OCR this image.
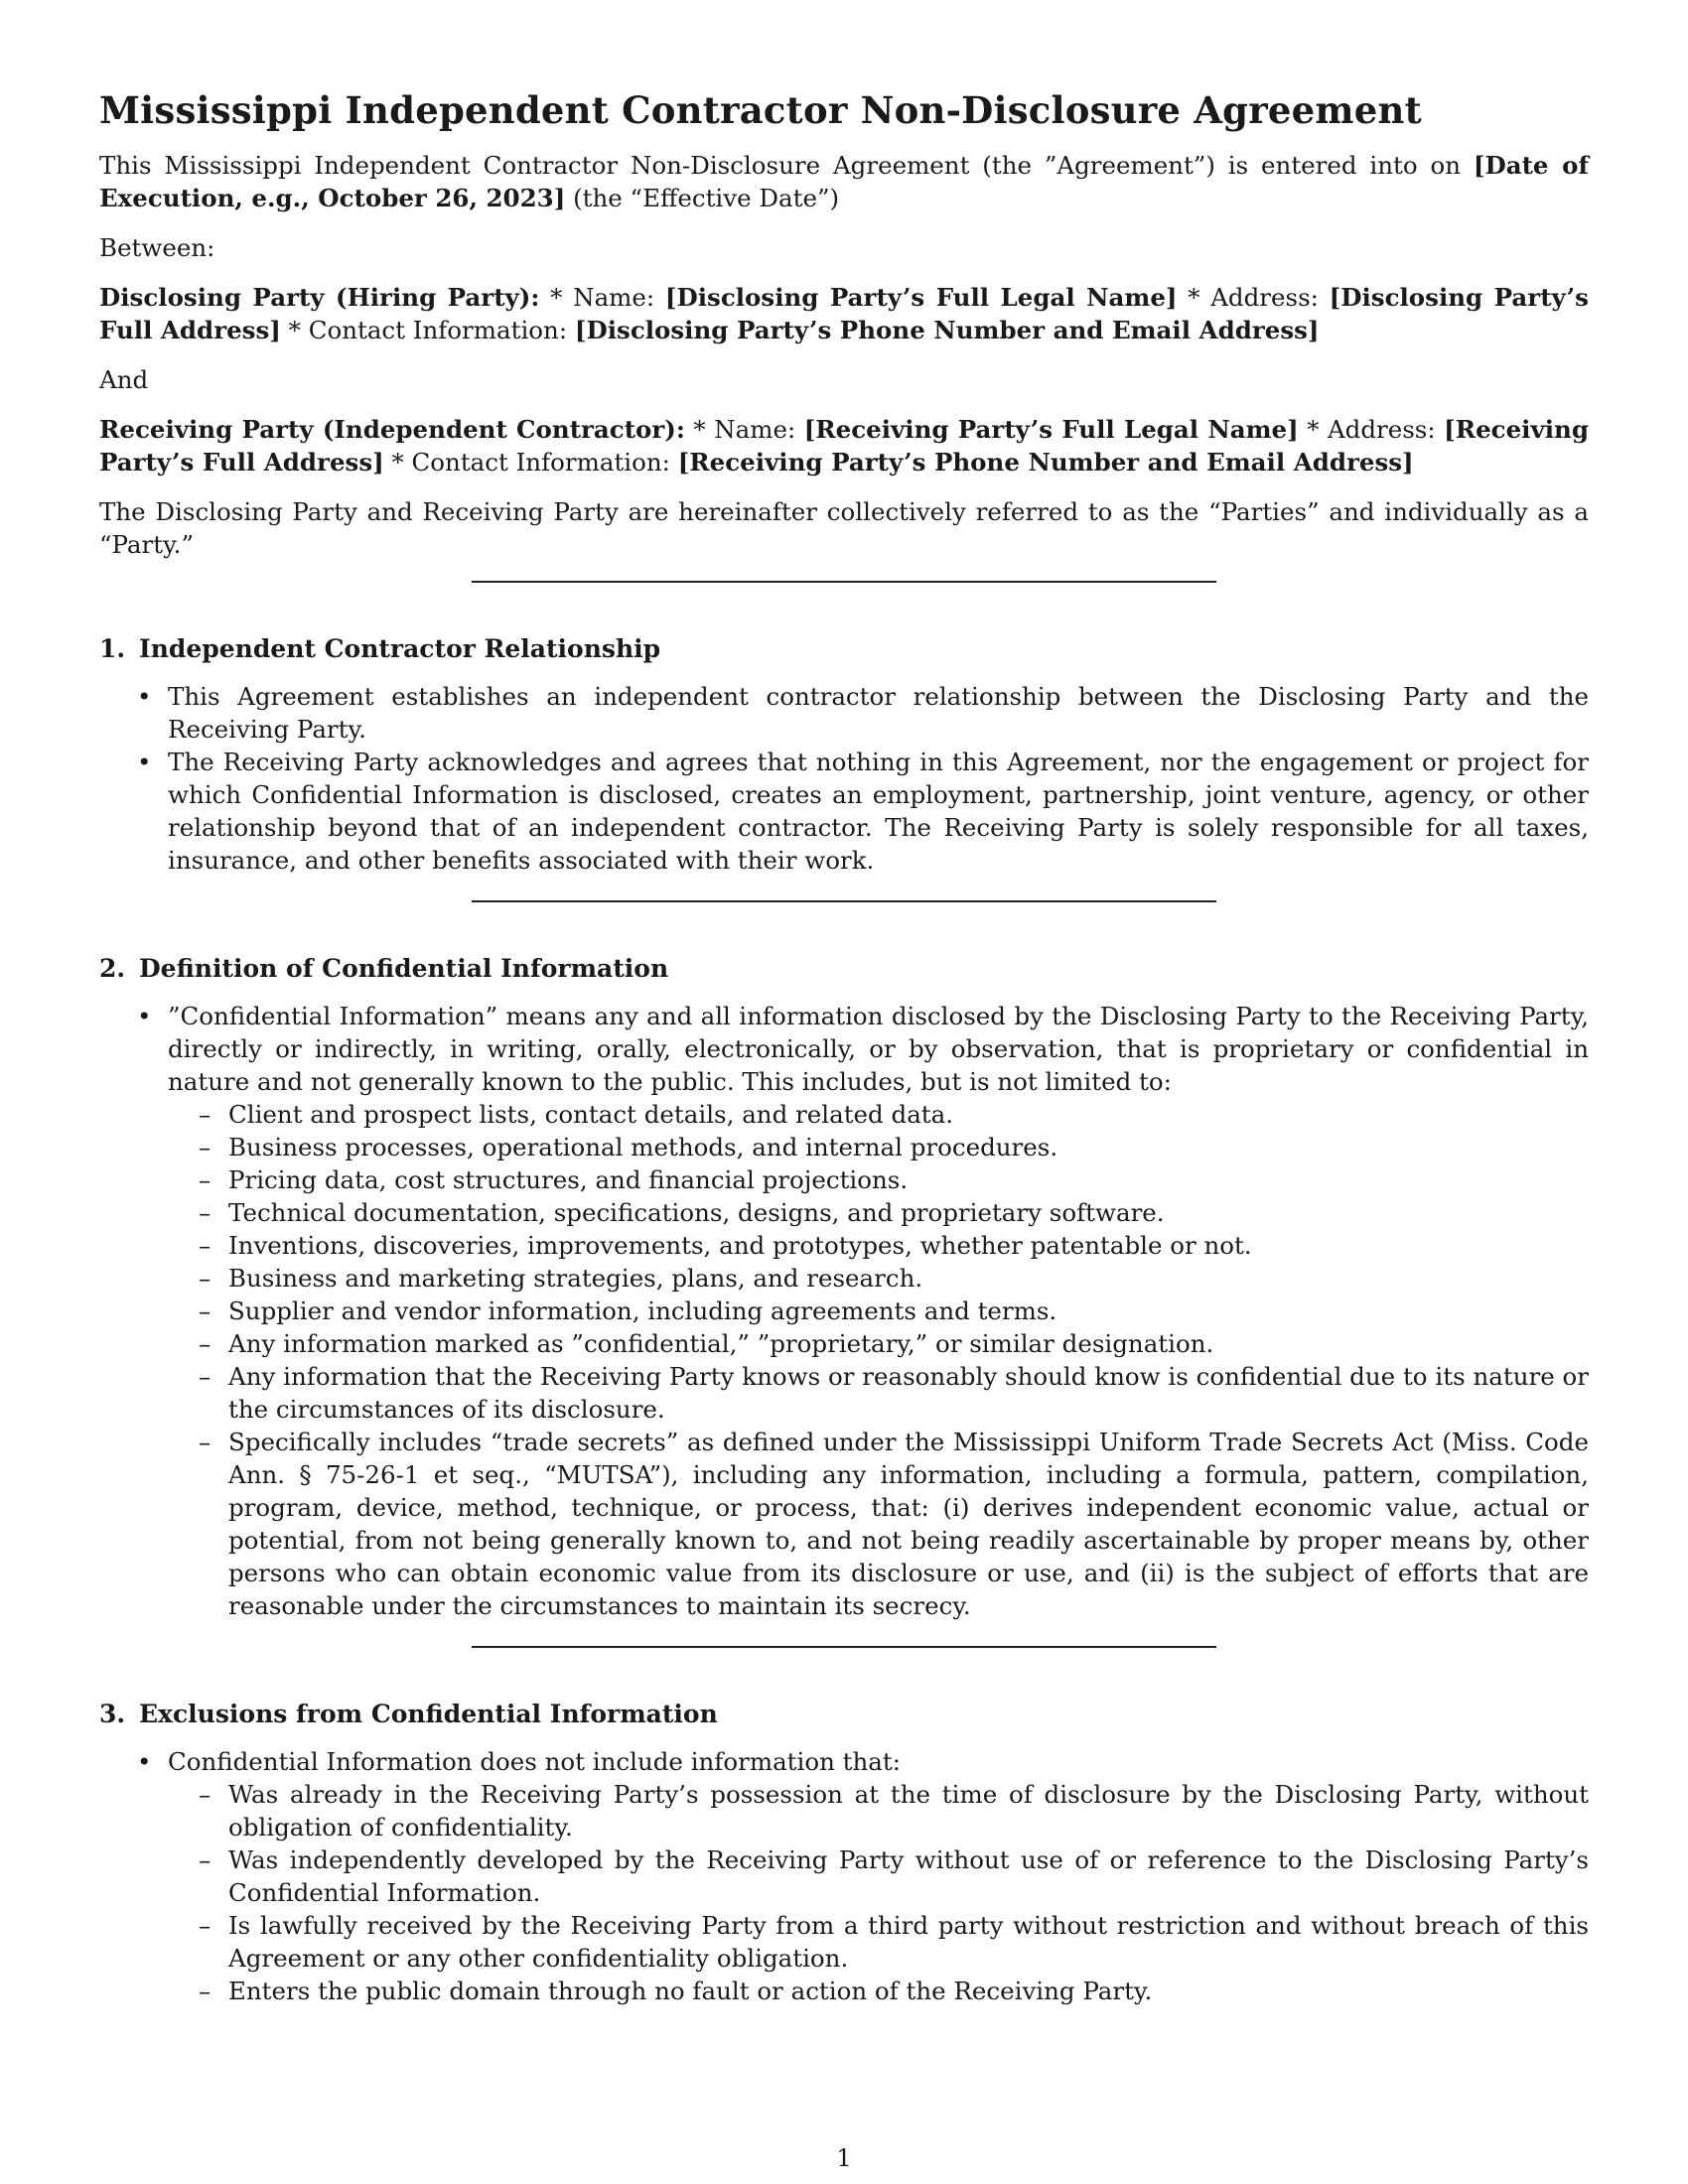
Mississippi Independent Contractor Non-Disclosure Agreement

This Mississippi Independent Contractor Non-Disclosure Agreement (the ”Agreement”) is entered into on [Date of Execution, e.g., October 26, 2023] (the “Effective Date”)

Between:

Disclosing Party (Hiring Party): * Name: [Disclosing Party’s Full Legal Name] * Address: [Disclosing Party’s Full Address] * Contact Information: [Disclosing Party’s Phone Number and Email Address]

And

Receiving Party (Independent Contractor): * Name: [Receiving Party’s Full Legal Name] * Address: [Receiving Party’s Full Address] * Contact Information: [Receiving Party’s Phone Number and Email Address]

The Disclosing Party and Receiving Party are hereinafter collectively referred to as the “Parties” and individually as a “Party.”

1. Independent Contractor Relationship
• This Agreement establishes an independent contractor relationship between the Disclosing Party and the Receiving Party.
• The Receiving Party acknowledges and agrees that nothing in this Agreement, nor the engagement or project for which Confidential Information is disclosed, creates an employment, partnership, joint venture, agency, or other relationship beyond that of an independent contractor. The Receiving Party is solely responsible for all taxes, insurance, and other benefits associated with their work.
2. Definition of Confidential Information
• ”Confidential Information” means any and all information disclosed by the Disclosing Party to the Receiving Party, directly or indirectly, in writing, orally, electronically, or by observation, that is proprietary or confidential in nature and not generally known to the public. This includes, but is not limited to:
– Client and prospect lists, contact details, and related data.
– Business processes, operational methods, and internal procedures.
– Pricing data, cost structures, and financial projections.
– Technical documentation, specifications, designs, and proprietary software.
– Inventions, discoveries, improvements, and prototypes, whether patentable or not.
– Business and marketing strategies, plans, and research.
– Supplier and vendor information, including agreements and terms.
– Any information marked as ”confidential,” ”proprietary,” or similar designation.
– Any information that the Receiving Party knows or reasonably should know is confidential due to its nature or the circumstances of its disclosure.
– Specifically includes “trade secrets” as defined under the Mississippi Uniform Trade Secrets Act (Miss. Code Ann. § 75-26-1 et seq., “MUTSA”), including any information, including a formula, pattern, compilation, program, device, method, technique, or process, that: (i) derives independent economic value, actual or potential, from not being generally known to, and not being readily ascertainable by proper means by, other persons who can obtain economic value from its disclosure or use, and (ii) is the subject of efforts that are reasonable under the circumstances to maintain its secrecy.
3. Exclusions from Confidential Information
• Confidential Information does not include information that:
– Was already in the Receiving Party’s possession at the time of disclosure by the Disclosing Party, without obligation of confidentiality.
– Was independently developed by the Receiving Party without use of or reference to the Disclosing Party’s Confidential Information.
– Is lawfully received by the Receiving Party from a third party without restriction and without breach of this Agreement or any other confidentiality obligation.
– Enters the public domain through no fault or action of the Receiving Party.
1
